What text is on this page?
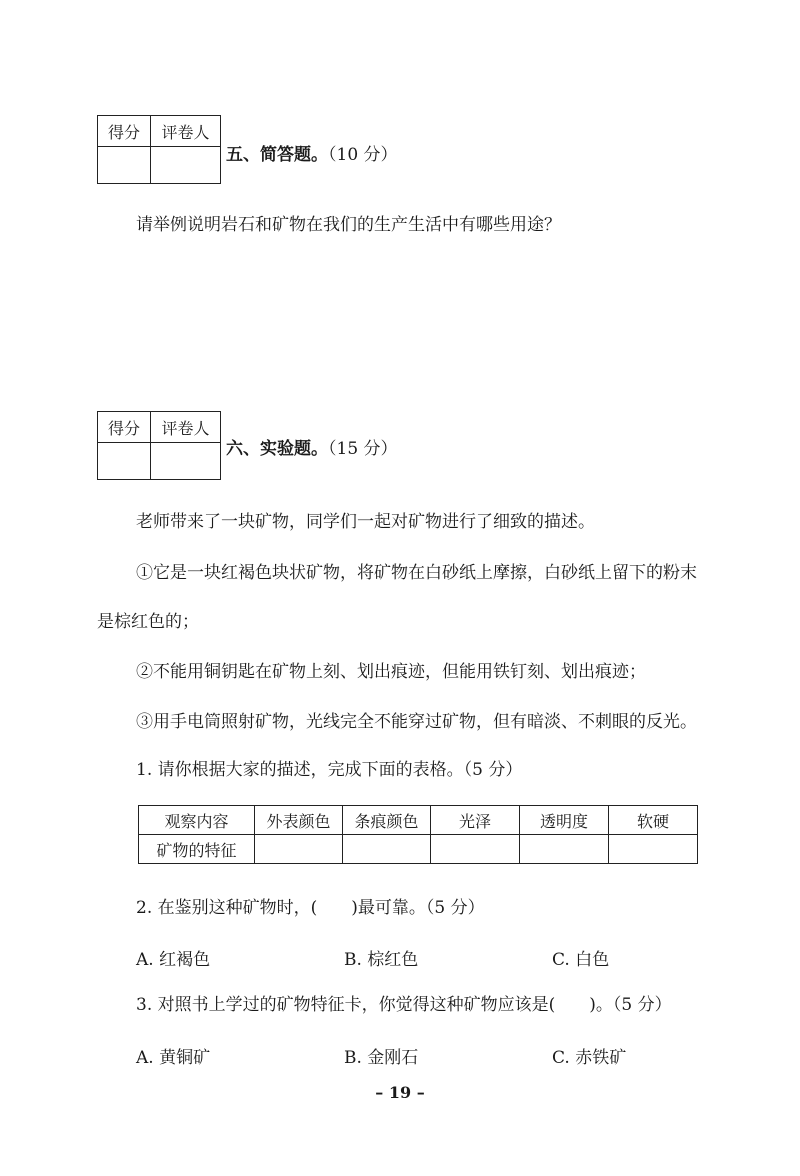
得分	评卷人

五、简答题。（10 分）
请举例说明岩石和矿物在我们的生产生活中有哪些用途？
得分	评卷人

六、实验题。（15 分）
老师带来了一块矿物，同学们一起对矿物进行了细致的描述。
①它是一块红褐色块状矿物，将矿物在白砂纸上摩擦，白砂纸上留下的粉末
是棕红色的；
②不能用铜钥匙在矿物上刻、划出痕迹，但能用铁钉刻、划出痕迹；
③用手电筒照射矿物，光线完全不能穿过矿物，但有暗淡、不刺眼的反光。
1. 请你根据大家的描述，完成下面的表格。（5 分）
观察内容	外表颜色	条痕颜色	光泽	透明度	软硬
矿物的特征					
2. 在鉴别这种矿物时，(　　)最可靠。（5 分）
A. 红褐色	B. 棕红色	C. 白色
3. 对照书上学过的矿物特征卡，你觉得这种矿物应该是(　　)。（5 分）
A. 黄铜矿	B. 金刚石	C. 赤铁矿
– 19 –
